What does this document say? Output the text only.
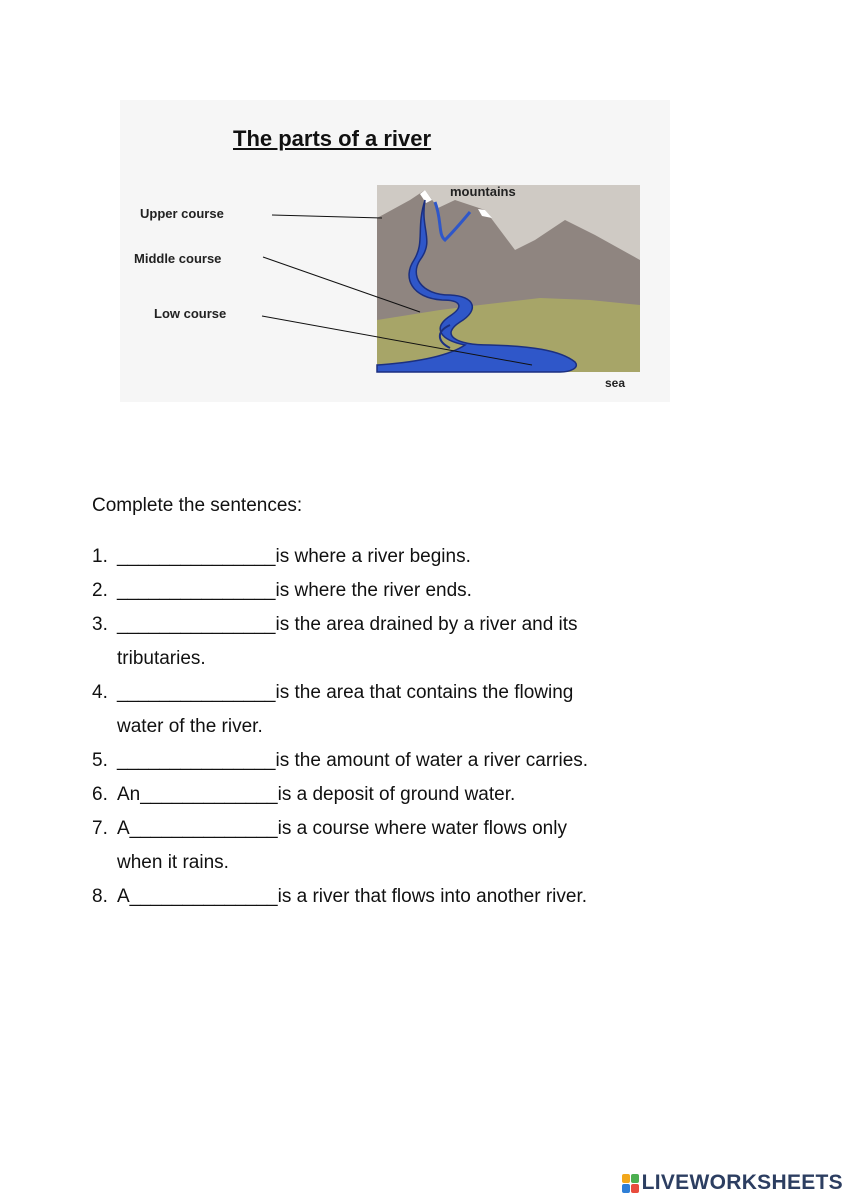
The parts of a river
mountains
Upper course
Middle course
Low course
sea
Complete the sentences:
1. _______________is where a river begins.
2. _______________is where the river ends.
3. _______________is the area drained by a river and its
tributaries.
4. _______________is the area that contains the flowing
water of the river.
5. _______________is the amount of water a river carries.
6. An_____________is a deposit of ground water.
7. A______________is a course where water flows only
when it rains.
8. A______________is a river that flows into another river.
LIVEWORKSHEETS
